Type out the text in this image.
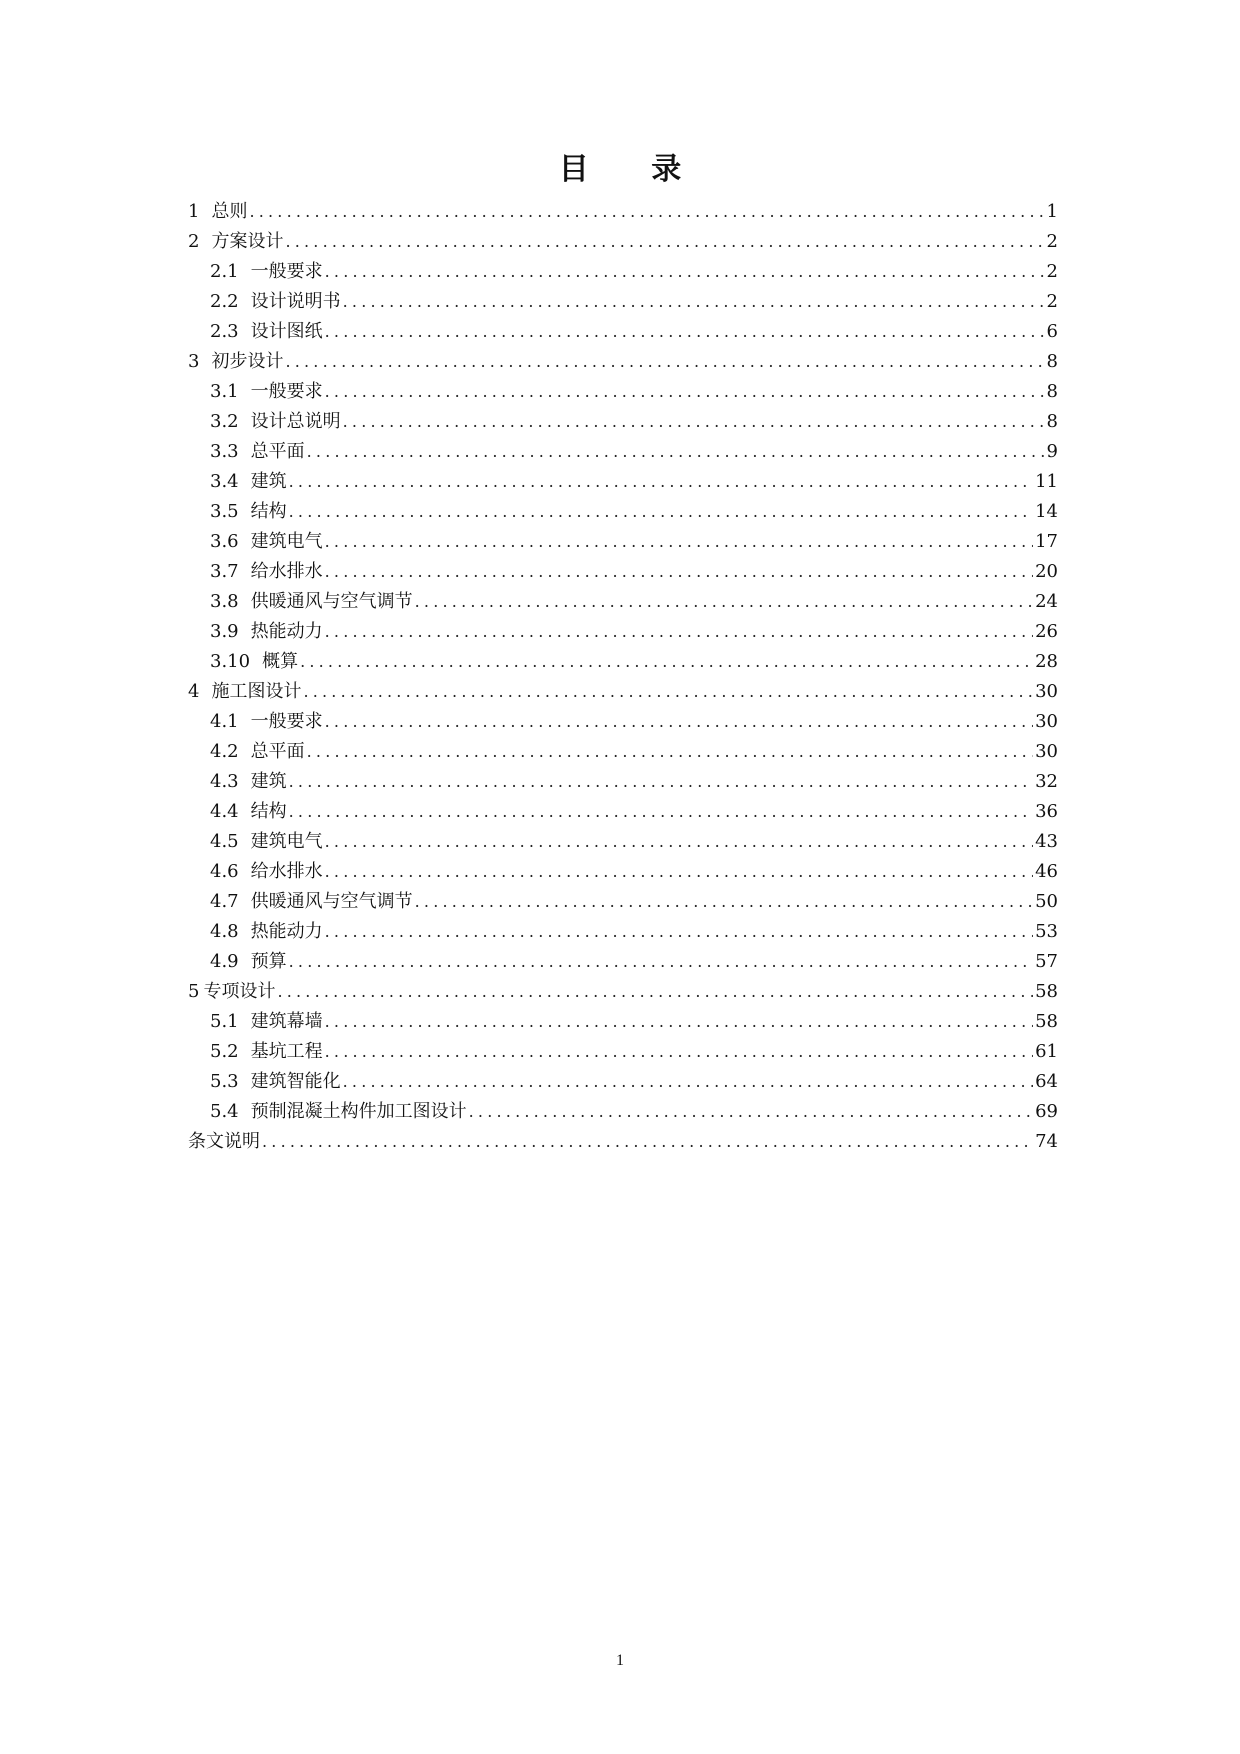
目 录
1 总则 .....	1
2 方案设计 .....	2
2.1 一般要求 .....	2
2.2 设计说明书 .....	2
2.3 设计图纸 .....	6
3 初步设计 .....	8
3.1 一般要求 .....	8
3.2 设计总说明 .....	8
3.3 总平面 .....	9
3.4 建筑 .....	11
3.5 结构 .....	14
3.6 建筑电气 .....	17
3.7 给水排水 .....	20
3.8 供暖通风与空气调节 .....	24
3.9 热能动力 .....	26
3.10 概算 .....	28
4 施工图设计 .....	30
4.1 一般要求 .....	30
4.2 总平面 .....	30
4.3 建筑 .....	32
4.4 结构 .....	36
4.5 建筑电气 .....	43
4.6 给水排水 .....	46
4.7 供暖通风与空气调节 .....	50
4.8 热能动力 .....	53
4.9 预算 .....	57
5 专项设计 .....	58
5.1 建筑幕墙 .....	58
5.2 基坑工程 .....	61
5.3 建筑智能化 .....	64
5.4 预制混凝土构件加工图设计 .....	69
条文说明 .....	74
1
